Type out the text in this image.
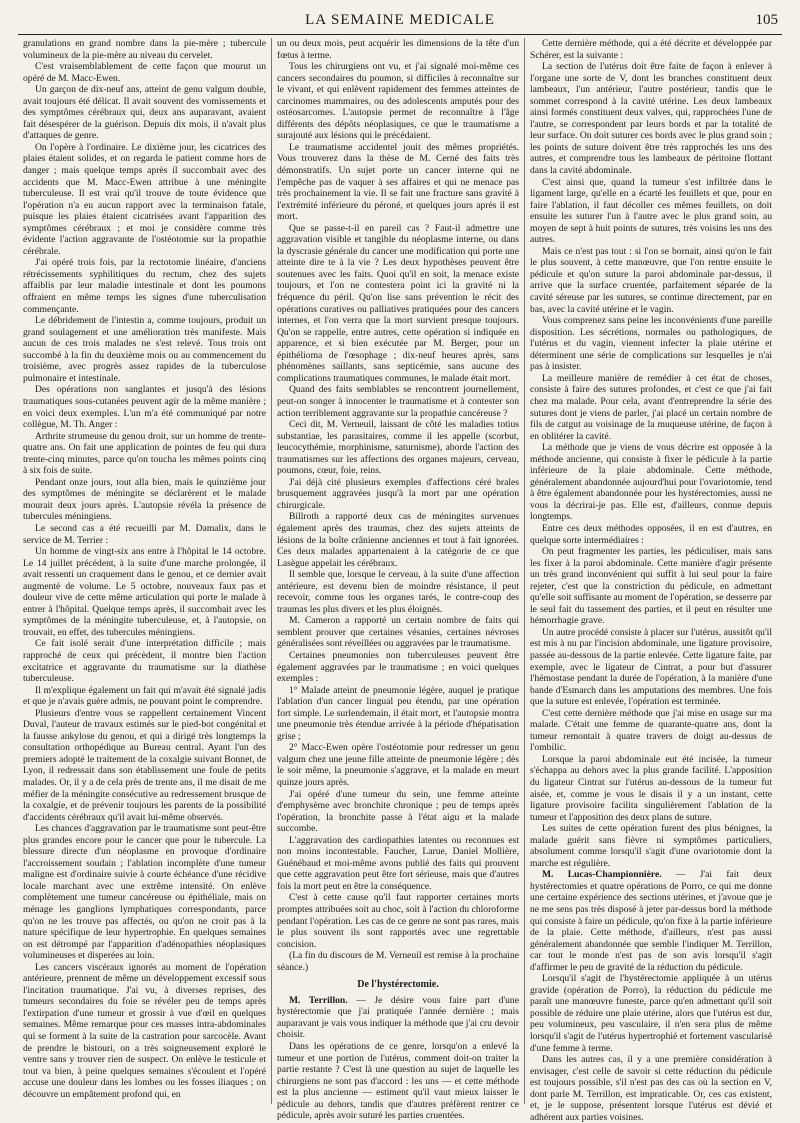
LA SEMAINE MEDICALE	105

granulations en grand nombre dans la pie-mère ; tubercule volumineux de la pie-mère au niveau du cervelet.

C'est vraisemblablement de cette façon que mourut un opéré de M. Macc-Ewen.

Un garçon de dix-neuf ans, atteint de genu valgum double, avait toujours été délicat. Il avait souvent des vomissements et des symptômes cérébraux qui, deux ans auparavant, avaient fait désespérer de la guérison. Depuis dix mois, il n'avait plus d'attaques de genre.

On l'opère à l'ordinaire. Le dixième jour, les cicatrices des plaies étaient solides, et on regarda le patient comme hors de danger ; mais quelque temps après il succombait avec des accidents que M. Macc-Ewen attribue à une méningite tuberculeuse. Il est vrai qu'il trouve de toute évidence que l'opération n'a eu aucun rapport avec la terminaison fatale, puisque les plaies étaient cicatrisées avant l'apparition des symptômes cérébraux ; et moi je considère comme très évidente l'action aggravante de l'ostéotomie sur la propathie cérébrale.

J'ai opéré trois fois, par la rectotomie linéaire, d'anciens rétrécissements syphilitiques du rectum, chez des sujets affaiblis par leur maladie intestinale et dont les poumons offraient en même temps les signes d'une tuberculisation commençante.

Le débridement de l'intestin a, comme toujours, produit un grand soulagement et une amélioration très manifeste. Mais aucun de ces trois malades ne s'est relevé. Tous trois ont succombé à la fin du deuxième mois ou au commencement du troisième, avec progrès assez rapides de la tuberculose pulmonaire et intestinale.

Des opérations non sanglantes et jusqu'à des lésions traumatiques sous-cutanées peuvent agir de la même manière ; en voici deux exemples. L'un m'a été communiqué par notre collègue, M. Th. Anger :

Arthrite strumeuse du genou droit, sur un homme de trente-quatre ans. On fait une application de pointes de feu qui dura trente-cinq minutes, parce qu'on toucha les mêmes points cinq à six fois de suite.

Pendant onze jours, tout alla bien, mais le quinzième jour des symptômes de méningite se déclarèrent et le malade mourait deux jours après. L'autopsie révéla la présence de tubercules méningiens.

Le second cas a été recueilli par M. Damalix, dans le service de M. Terrier :

Un homme de vingt-six ans entre à l'hôpital le 14 octobre. Le 14 juillet précédent, à la suite d'une marche prolongée, il avait ressenti un craquement dans le genou, et ce dernier avait augmenté de volume. Le 5 octobre, nouveaux faux pas et douleur vive de cette même articulation qui porte le malade à entrer à l'hôpital. Quelque temps après, il succombait avec les symptômes de la méningite tuberculeuse, et, à l'autopsie, on trouvait, en effet, des tubercules méningiens.

Ce fait isolé serait d'une interprétation difficile ; mais rapproché de ceux qui précèdent, il montre bien l'action excitatrice et aggravante du traumatisme sur la diathèse tuberculeuse.

Il m'explique également un fait qui m'avait été signalé jadis et que je n'avais guère admis, ne pouvant point le comprendre.

Plusieurs d'entre vous se rappellent certainement Vincent Duval, l'auteur de travaux estimés sur le pied-bot congénital et la fausse ankylose du genou, et qui a dirigé très longtemps la consultation orthopédique au Bureau central. Ayant l'un des premiers adopté le traitement de la coxalgie suivant Bonnet, de Lyon, il redressait dans son établissement une foule de petits malades. Or, il y a de cela près de trente ans, il me disait de me méfier de la méningite consécutive au redressement brusque de la coxalgie, et de prévenir toujours les parents de la possibilité d'accidents cérébraux qu'il avait lui-même observés.

Les chances d'aggravation par le traumatisme sont peut-être plus grandes encore pour le cancer que pour le tubercule. La blessure directe d'un néoplasme en provoque d'ordinaire l'accroissement soudain ; l'ablation incomplète d'une tumeur maligne est d'ordinaire suivie à courte échéance d'une récidive locale marchant avec une extrême intensité. On enlève complètement une tumeur cancéreuse ou épithéliale, mais on ménage les ganglions lymphatiques correspondants, parce qu'on ne les trouve pas affectés, ou qu'on ne croit pas à la nature spécifique de leur hypertrophie. En quelques semaines on est détrompé par l'apparition d'adénopathies néoplasiques volumineuses et disperées au loin.

Les cancers viscéraux ignorés au moment de l'opération antérieure, prennent de même un développement excessif sous l'incitation traumatique. J'ai vu, à diverses reprises, des tumeurs secondaires du foie se révéler peu de temps après l'extirpation d'une tumeur et grossir à vue d'œil en quelques semaines. Même remarque pour ces masses intra-abdominales qui se forment à la suite de la castration pour sarcocèle. Avant de prendre le bistouri, on a très soigneusement exploré le ventre sans y trouver rien de suspect. On enlève le testicule et tout va bien, à peine quelques semaines s'écoulent et l'opéré accuse une douleur dans les lombes ou les fosses iliaques ; on découvre un empâtement profond qui, en

un ou deux mois, peut acquérir les dimensions de la tête d'un fœtus à terme.

Tous les chirurgiens ont vu, et j'ai signalé moi-même ces cancers secondaires du poumon, si difficiles à reconnaître sur le vivant, et qui enlèvent rapidement des femmes atteintes de carcinomes mammaires, ou des adolescents amputés pour des ostéosarcomes. L'autopsie permet de reconnaître à l'âge différents des dépôts néoplasiques, ce que le traumatisme a surajouté aux lésions qui le précédaient.

Le traumatisme accidentel jouit des mêmes propriétés. Vous trouverez dans la thèse de M. Cerné des faits très démonstratifs. Un sujet porte un cancer interne qui ne l'empêche pas de vaquer à ses affaires et qui ne menace pas très prochainement la vie. Il se fait une fracture sans gravité à l'extrémité inférieure du péroné, et quelques jours après il est mort.

Que se passe-t-il en pareil cas ? Faut-il admettre une aggravation visible et tangible du néoplasme interne, ou dans la dyscrasie générale du cancer une modification qui porte une atteinte dire te à la vie ? Les deux hypothèses peuvent être soutenues avec les faits. Quoi qu'il en soit, la menace existe toujours, et l'on ne contestera point ici la gravité ni la fréquence du péril. Qu'on lise sans prévention le récit des opérations curatives ou palliatives pratiquées pour des cancers internes, et l'on verra que la mort survient presque toujours. Qu'on se rappelle, entre autres, cette opération si indiquée en apparence, et si bien exécutée par M. Berger, pour un épithélioma de l'œsophage ; dix-neuf heures après, sans phénomènes saillants, sans septicémie, sans aucune des complications traumatiques communes, le malade était mort.

Quand des faits semblables se rencontrent journellement, peut-on songer à innocenter le traumatisme et à contester son action terriblement aggravante sur la propathie cancéreuse ?

Ceci dit, M. Verneuil, laissant de côté les maladies totius substantiae, les parasitaires, comme il les appelle (scorbut, leucocythémie, morphinisme, saturnisme), aborde l'action des traumatismes sur les affections des organes majeurs, cerveau, poumons, cœur, foie, reins.

J'ai déjà cité plusieurs exemples d'affections céré brales brusquement aggravées jusqu'à la mort par une opération chirurgicale.

Billroth a rapporté deux cas de méningites survenues également après des traumas, chez des sujets atteints de lésions de la boîte crânienne anciennes et tout à fait ignorées. Ces deux malades appartenaient à la catégorie de ce que Lasègue appelait les cérébraux.

Il semble que, lorsque le cerveau, à la suite d'une affection antérieure, est devenu bien de moindre résistance, il peut recevoir, comme tous les organes tarés, le contre-coup des traumas les plus divers et les plus éloignés.

M. Cameron a rapporté un certain nombre de faits qui semblent prouver que certaines vésanies, certaines névroses généralisées sont réveillées ou aggravées par le traumatisme.

Certaines pneumonies non tuberculeuses peuvent être également aggravées par le traumatisme ; en voici quelques exemples :

1° Malade atteint de pneumonie légère, auquel je pratique l'ablation d'un cancer lingual peu étendu, par une opération fort simple. Le surlendemain, il était mort, et l'autopsie montra une pneumonie très étendue arrivée à la période d'hépatisation grise ;

2° Macc-Ewen opère l'ostéotomie pour redresser un genu valgum chez une jeune fille atteinte de pneumonie légère ; dès le soir même, la pneumonie s'aggrave, et la malade en meurt quinze jours après.

J'ai opéré d'une tumeur du sein, une femme atteinte d'emphysème avec bronchite chronique ; peu de temps après l'opération, la bronchite passe à l'état aigu et la malade succombe.

L'aggravation des cardiopathies latentes ou reconnues est non moins incontestable. Faucher, Larue, Daniel Mollière, Guénébaud et moi-même avons publié des faits qui prouvent que cette aggravation peut être fort sérieuse, mais que d'autres fois la mort peut en être la conséquence.

C'est à cette cause qu'il faut rapporter certaines morts promptes attribuées soit au choc, soit à l'action du chloroforme pendant l'opération. Les cas de ce genre ne sont pas rares, mais le plus souvent ils sont rapportés avec une regrettable concision.

(La fin du discours de M. Verneuil est remise à la prochaine séance.)

De l'hystérectomie.

M. Terrillon. — Je désire vous faire part d'une hystérectomie que j'ai pratiquée l'année dernière ; mais auparavant je vais vous indiquer la méthode que j'ai cru devoir choisir.

Dans les opérations de ce genre, lorsqu'on a enlevé la tumeur et une portion de l'utérus, comment doit-on traiter la partie restante ? C'est là une question au sujet de laquelle les chirurgiens ne sont pas d'accord : les uns — et cette méthode est la plus ancienne — estiment qu'il vaut mieux laisser le pédicule au dehors, tandis que d'autres préfèrent rentrer ce pédicule, après avoir suturé les parties cruentées.

Cette dernière méthode, qui a été décrite et développée par Schérer, est la suivante :

La section de l'utérus doit être faite de façon à enlever à l'organe une sorte de V, dont les branches constituent deux lambeaux, l'un antérieur, l'autre postérieur, tandis que le sommet correspond à la cavité utérine. Les deux lambeaux ainsi formés constituent deux valves, qui, rapprochées l'une de l'autre, se correspondent par leurs bords et par la totalité de leur surface. On doit suturer ces bords avec le plus grand soin ; les points de suture doivent être très rapprochés les uns des autres, et comprendre tous les lambeaux de péritoine flottant dans la cavité abdominale.

C'est ainsi que, quand la tumeur s'est infiltrée dans le ligament large, qu'elle en a écarté les feuillets et que, pour en faire l'ablation, il faut décoller ces mêmes feuillets, on doit ensuite les suturer l'un à l'autre avec le plus grand soin, au moyen de sept à huit points de sutures, très voisins les uns des autres.

Mais ce n'est pas tout : si l'on se bornait, ainsi qu'on le fait le plus souvent, à cette manœuvre, que l'on rentre ensuite le pédicule et qu'on suture la paroi abdominale par-dessus, il arrive que la surface cruentée, parfaitement séparée de la cavité séreuse par les sutures, se continue directement, par en bas, avec la cavité utérine et le vagin.

Vous comprenez sans peine les inconvénients d'une pareille disposition. Les sécrétions, normales ou pathologiques, de l'utérus et du vagin, viennent infecter la plaie utérine et déterminent une série de complications sur lesquelles je n'ai pas à insister.

La meilleure manière de remédier à cet état de choses, consiste à faire des sutures profondes, et c'est ce que j'ai fait chez ma malade. Pour cela, avant d'entreprendre la série des sutures dont je viens de parler, j'ai placé un certain nombre de fils de catgut au voisinage de la muqueuse utérine, de façon à en oblitérer la cavité.

La méthode que je viens de vous décrire est opposée à la méthode ancienne, qui consiste à fixer le pédicule à la partie inférieure de la plaie abdominale. Cette méthode, généralement abandonnée aujourd'hui pour l'ovariotomie, tend à être également abandonnée pour les hystérectomies, aussi ne vous la décrirai-je pas. Elle est, d'ailleurs, connue depuis longtemps.

Entre ces deux méthodes opposées, il en est d'autres, en quelque sorte intermédiaires :

On peut fragmenter les parties, les pédiculiser, mais sans les fixer à la paroi abdominale. Cette manière d'agir présente un très grand inconvénient qui suffit à lui seul pour la faire rejeter, c'est que la constriction du pédicule, en admettant qu'elle soit suffisante au moment de l'opération, se desserre par le seul fait du tassement des parties, et il peut en résulter une hémorrhagie grave.

Un autre procédé consiste à placer sur l'utérus, aussitôt qu'il est mis à nu par l'incision abdominale, une ligature provisoire, passée au-dessous de la partie enlevée. Cette ligature faite, par exemple, avec le ligateur de Cintrat, a pour but d'assurer l'hémostase pendant la durée de l'opération, à la manière d'une bande d'Esmarch dans les amputations des membres. Une fois que la suture est enlevée, l'opération est terminée.

C'est cette dernière méthode que j'ai mise en usage sur ma malade. C'était une femme de quarante-quatre ans, dont la tumeur remontait à quatre travers de doigt au-dessus de l'ombilic.

Lorsque la paroi abdominale eut été incisée, la tumeur s'échappa au dehors avec la plus grande facilité. L'apposition du ligateur Cintrat sur l'utérus au-dessous de la tumeur fut aisée, et, comme je vous le disais il y a un instant, cette ligature provisoire facilita singulièrement l'ablation de la tumeur et l'apposition des deux plans de suture.

Les suites de cette opération furent des plus bénignes, la malade guérit sans fièvre ni symptômes particuliers, absolument comme lorsqu'il s'agit d'une ovariotomie dont la marche est régulière.

M. Lucas-Championnière. — J'ai fait deux hystérectomies et quatre opérations de Porro, ce qui me donne une certaine expérience des sections utérines, et j'avoue que je ne me sens pas très disposé à jeter par-dessus bord la méthode qui consiste à faire un pédicule, qu'on fixe à la partie inférieure de la plaie. Cette méthode, d'ailleurs, n'est pas aussi généralement abandonnée que semble l'indiquer M. Terrillon, car tout le monde n'est pas de son avis lorsqu'il s'agit d'affirmer le peu de gravité de la réduction du pédicule.

Lorsqu'il s'agit de l'hystérectomie appliquée à un utérus gravide (opération de Porro), la réduction du pédicule me paraît une manœuvre funeste, parce qu'en admettant qu'il soit possible de réduire une plaie utérine, alors que l'utérus est dur, peu volumineux, peu vasculaire, il n'en sera plus de même lorsqu'il s'agit de l'utérus hypertrophié et fortement vascularisé d'une femme à terme.

Dans les autres cas, il y a une première considération à envisager, c'est celle de savoir si cette réduction du pédicule est toujours possible, s'il n'est pas des cas où la section en V, dont parle M. Terrillon, est impraticable. Or, ces cas existent, et, je le suppose, présentent lorsque l'utérus est dévié et adhérent aux parties voisines.
